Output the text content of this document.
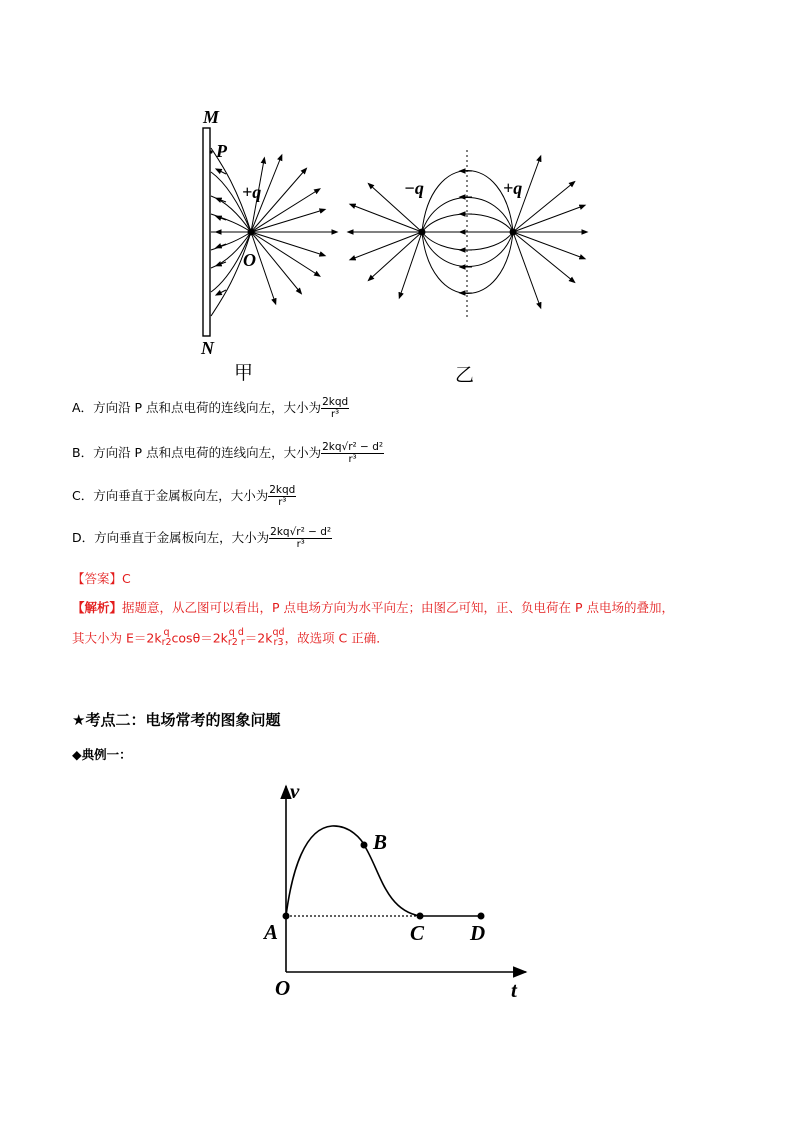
M
P
+q
O
N
−q	+q
甲	乙
A．方向沿 P 点和点电荷的连线向左，大小为 $\frac{\text{2kqd}}{\text{r³}}$
B．方向沿 P 点和点电荷的连线向左，大小为 $\frac{\text{2kq√r² − d²}}{\text{r³}}$
C．方向垂直于金属板向左，大小为 $\frac{\text{2kqd}}{\text{r³}}$
D．方向垂直于金属板向左，大小为 $\frac{\text{2kq√r² − d²}}{\text{r³}}$
【答案】C
【解析】据题意，从乙图可以看出，P 点电场方向为水平向左；由图乙可知，正、负电荷在 P 点电场的叠加，
其大小为 E＝2k q
r2 cosθ＝2k q d
r2 r ＝2k qd
r3 ，故选项 C 正确．
★考点二：电场常考的图象问题
◆典例一：
v
B
A	C D
O	t
